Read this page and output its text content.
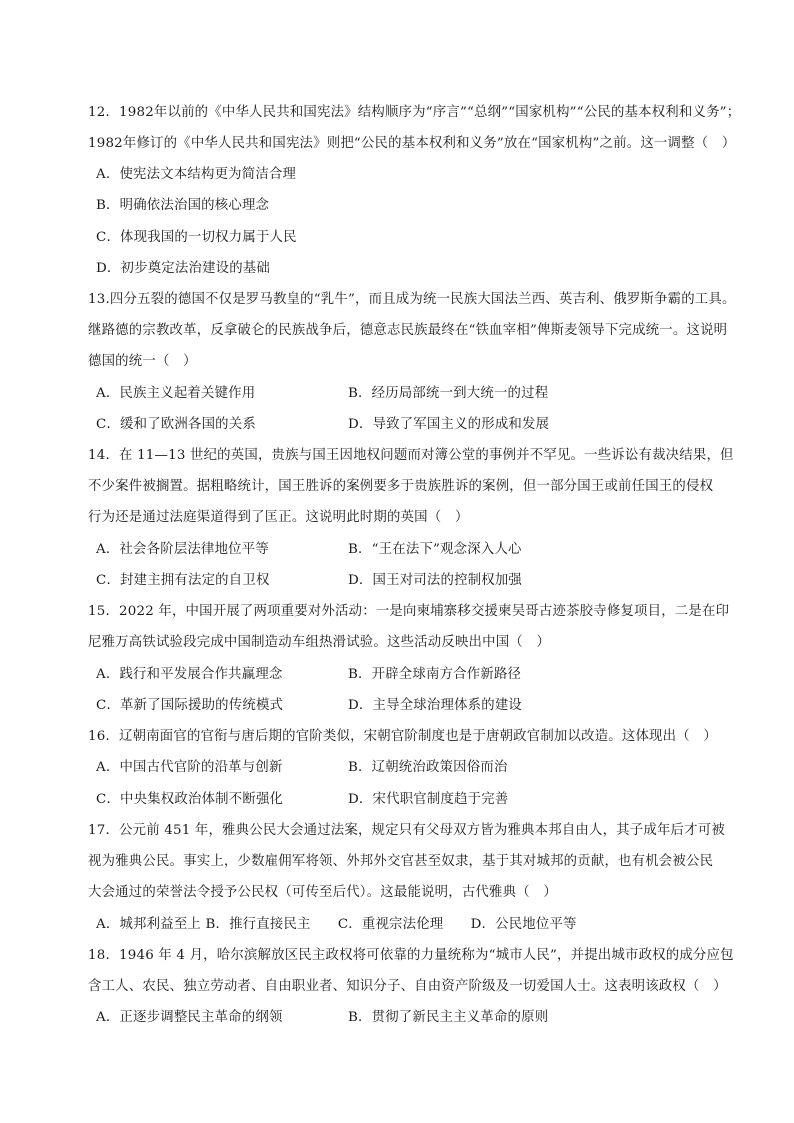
12．1982年以前的《中华人民共和国宪法》结构顺序为“序言”“总纲”“国家机构”“公民的基本权利和义务”；
1982年修订的《中华人民共和国宪法》则把“公民的基本权利和义务”放在“国家机构”之前。这一调整（　）
A．使宪法文本结构更为简洁合理
B．明确依法治国的核心理念
C．体现我国的一切权力属于人民
D．初步奠定法治建设的基础
13.四分五裂的德国不仅是罗马教皇的“乳牛”，而且成为统一民族大国法兰西、英吉利、俄罗斯争霸的工具。
继路德的宗教改革，反拿破仑的民族战争后，德意志民族最终在“铁血宰相”俾斯麦领导下完成统一。这说明
德国的统一（　）
A．民族主义起着关键作用	B．经历局部统一到大统一的过程
C．缓和了欧洲各国的关系	D．导致了军国主义的形成和发展
14．在 11—13 世纪的英国，贵族与国王因地权问题而对簿公堂的事例并不罕见。一些诉讼有裁决结果，但
不少案件被搁置。据粗略统计，国王胜诉的案例要多于贵族胜诉的案例，但一部分国王或前任国王的侵权
行为还是通过法庭渠道得到了匡正。这说明此时期的英国（　）
A．社会各阶层法律地位平等	B．“王在法下”观念深入人心
C．封建主拥有法定的自卫权	D．国王对司法的控制权加强
15．2022 年，中国开展了两项重要对外活动：一是向柬埔寨移交援柬吴哥古迹茶胶寺修复项目，二是在印
尼雅万高铁试验段完成中国制造动车组热滑试验。这些活动反映出中国（　）
A．践行和平发展合作共赢理念	B．开辟全球南方合作新路径
C．革新了国际援助的传统模式	D．主导全球治理体系的建设
16．辽朝南面官的官衔与唐后期的官阶类似，宋朝官阶制度也是于唐朝政官制加以改造。这体现出（　）
A．中国古代官阶的沿革与创新	B．辽朝统治政策因俗而治
C．中央集权政治体制不断强化	D．宋代职官制度趋于完善
17．公元前 451 年，雅典公民大会通过法案，规定只有父母双方皆为雅典本邦自由人，其子成年后才可被
视为雅典公民。事实上，少数雇佣军将领、外邦外交官甚至奴隶，基于其对城邦的贡献，也有机会被公民
大会通过的荣誉法令授予公民权（可传至后代）。这最能说明，古代雅典（　）
A．城邦利益至上 B．推行直接民主　　C．重视宗法伦理　　D．公民地位平等
18．1946 年 4 月，哈尔滨解放区民主政权将可依靠的力量统称为“城市人民”，并提出城市政权的成分应包
含工人、农民、独立劳动者、自由职业者、知识分子、自由资产阶级及一切爱国人士。这表明该政权（　）
A．正逐步调整民主革命的纲领	B．贯彻了新民主主义革命的原则
